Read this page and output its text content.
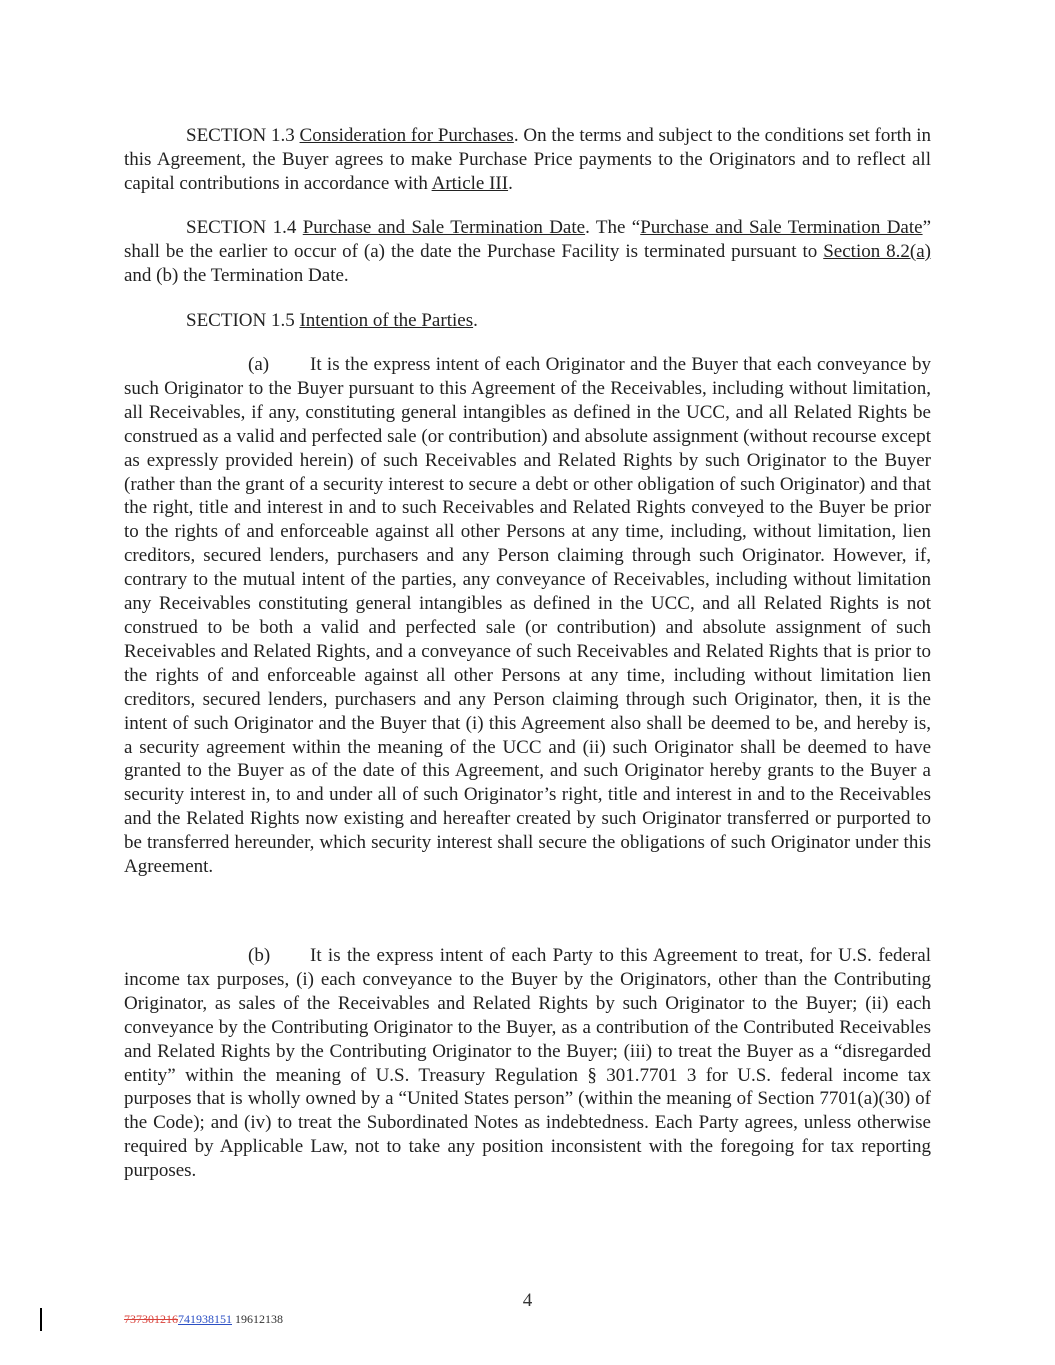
SECTION 1.3 Consideration for Purchases. On the terms and subject to the conditions set forth in this Agreement, the Buyer agrees to make Purchase Price payments to the Originators and to reflect all capital contributions in accordance with Article III.

SECTION 1.4 Purchase and Sale Termination Date. The “Purchase and Sale Termination Date” shall be the earlier to occur of (a) the date the Purchase Facility is terminated pursuant to Section 8.2(a) and (b) the Termination Date.

SECTION 1.5 Intention of the Parties.

(a) It is the express intent of each Originator and the Buyer that each conveyance by such Originator to the Buyer pursuant to this Agreement of the Receivables, including without limitation, all Receivables, if any, constituting general intangibles as defined in the UCC, and all Related Rights be construed as a valid and perfected sale (or contribution) and absolute assignment (without recourse except as expressly provided herein) of such Receivables and Related Rights by such Originator to the Buyer (rather than the grant of a security interest to secure a debt or other obligation of such Originator) and that the right, title and interest in and to such Receivables and Related Rights conveyed to the Buyer be prior to the rights of and enforceable against all other Persons at any time, including, without limitation, lien creditors, secured lenders, purchasers and any Person claiming through such Originator. However, if, contrary to the mutual intent of the parties, any conveyance of Receivables, including without limitation any Receivables constituting general intangibles as defined in the UCC, and all Related Rights is not construed to be both a valid and perfected sale (or contribution) and absolute assignment of such Receivables and Related Rights, and a conveyance of such Receivables and Related Rights that is prior to the rights of and enforceable against all other Persons at any time, including without limitation lien creditors, secured lenders, purchasers and any Person claiming through such Originator, then, it is the intent of such Originator and the Buyer that (i) this Agreement also shall be deemed to be, and hereby is, a security agreement within the meaning of the UCC and (ii) such Originator shall be deemed to have granted to the Buyer as of the date of this Agreement, and such Originator hereby grants to the Buyer a security interest in, to and under all of such Originator’s right, title and interest in and to the Receivables and the Related Rights now existing and hereafter created by such Originator transferred or purported to be transferred hereunder, which security interest shall secure the obligations of such Originator under this Agreement.

(b) It is the express intent of each Party to this Agreement to treat, for U.S. federal income tax purposes, (i) each conveyance to the Buyer by the Originators, other than the Contributing Originator, as sales of the Receivables and Related Rights by such Originator to the Buyer; (ii) each conveyance by the Contributing Originator to the Buyer, as a contribution of the Contributed Receivables and Related Rights by the Contributing Originator to the Buyer; (iii) to treat the Buyer as a “disregarded entity” within the meaning of U.S. Treasury Regulation § 301.7701 3 for U.S. federal income tax purposes that is wholly owned by a “United States person” (within the meaning of Section 7701(a)(30) of the Code); and (iv) to treat the Subordinated Notes as indebtedness. Each Party agrees, unless otherwise required by Applicable Law, not to take any position inconsistent with the foregoing for tax reporting purposes.

4
737301216741938151 19612138
